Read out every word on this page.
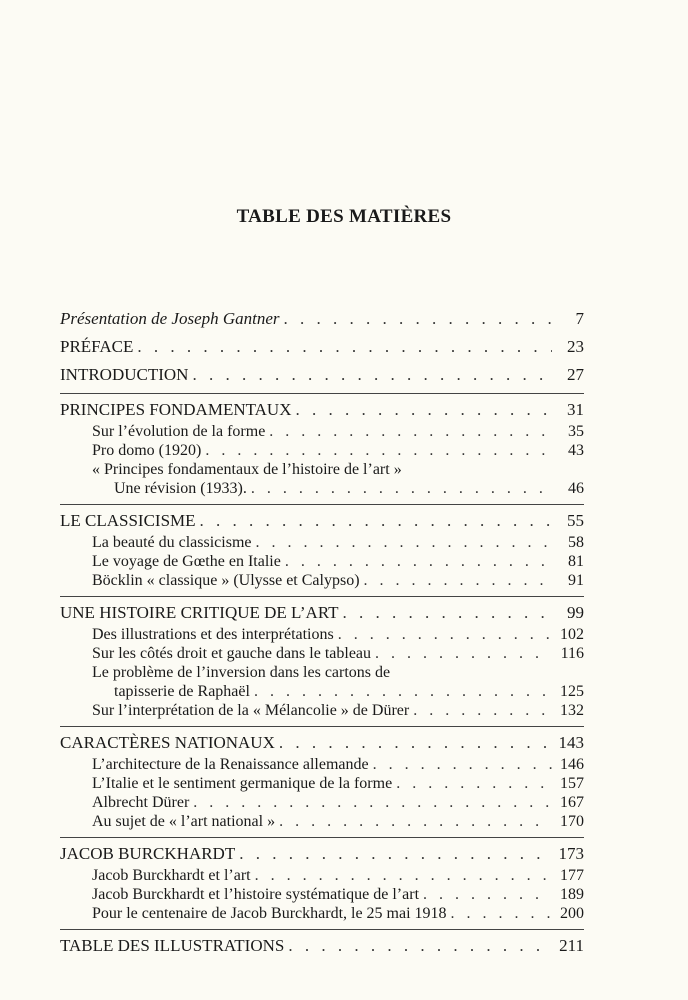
TABLE DES MATIÈRES
Présentation de Joseph Gantner . . .	7
PRÉFACE . . .	23
INTRODUCTION . . .	27
PRINCIPES FONDAMENTAUX . . .	31
Sur l’évolution de la forme . . .	35
Pro domo (1920) . . .	43
« Principes fondamentaux de l’histoire de l’art »
Une révision (1933). . . .	46
LE CLASSICISME . . .	55
La beauté du classicisme . . .	58
Le voyage de Gœthe en Italie . . .	81
Böcklin « classique » (Ulysse et Calypso) . . .	91
UNE HISTOIRE CRITIQUE DE L’ART . . .	99
Des illustrations et des interprétations . . .	102
Sur les côtés droit et gauche dans le tableau . . .	116
Le problème de l’inversion dans les cartons de
tapisserie de Raphaël . . .	125
Sur l’interprétation de la « Mélancolie » de Dürer . . .	132
CARACTÈRES NATIONAUX . . .	143
L’architecture de la Renaissance allemande . . .	146
L’Italie et le sentiment germanique de la forme . . .	157
Albrecht Dürer . . .	167
Au sujet de « l’art national » . . .	170
JACOB BURCKHARDT . . .	173
Jacob Burckhardt et l’art . . .	177
Jacob Burckhardt et l’histoire systématique de l’art . . .	189
Pour le centenaire de Jacob Burckhardt, le 25 mai 1918 . . .	200
TABLE DES ILLUSTRATIONS . . .	211
